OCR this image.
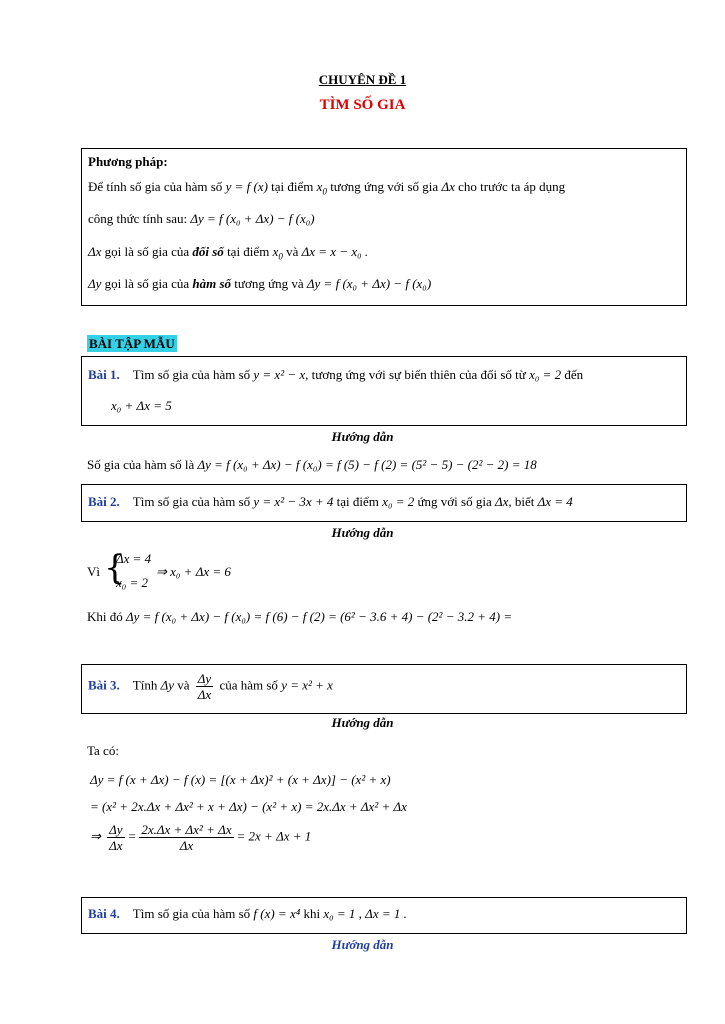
CHUYÊN ĐỀ 1
TÌM SỐ GIA
Phương pháp:
Để tính số gia của hàm số y = f (x) tại điểm $x_0$ tương ứng với số gia Δx cho trước ta áp dụng
công thức tính sau: Δy = f (x₀ + Δx) − f (x₀)
Δx gọi là số gia của đối số tại điểm $x_0$ và Δx = x − x₀ .
Δy gọi là số gia của hàm số tương ứng và Δy = f (x₀ + Δx) − f (x₀)
BÀI TẬP MẪU
Bài 1. Tìm số gia của hàm số y = x² − x, tương ứng với sự biến thiên của đối số từ x₀ = 2 đến
x₀ + Δx = 5
Hướng dẫn
Số gia của hàm số là Δy = f (x₀ + Δx) − f (x₀) = f (5) − f (2) = (5² − 5) − (2² − 2) = 18
Bài 2. Tìm số gia của hàm số y = x² − 3x + 4 tại điểm x₀ = 2 ứng với số gia Δx, biết Δx = 4
Hướng dẫn
Vì {
Δx = 4
x₀ = 2
⇒ x₀ + Δx = 6
Khi đó Δy = f (x₀ + Δx) − f (x₀) = f (6) − f (2) = (6² − 3.6 + 4) − (2² − 3.2 + 4) =
Bài 3. Tính Δy và $\frac{\Delta y}{\Delta x}$ của hàm số y = x² + x
Hướng dẫn
Ta có:
Δy = f (x + Δx) − f (x) = [(x + Δx)² + (x + Δx)] − (x² + x)
= (x² + 2x.Δx + Δx² + x + Δx) − (x² + x) = 2x.Δx + Δx² + Δx
⇒ $\frac{\Delta y}{\Delta x} = \frac{\text{2x.Δx + Δx² + Δx}}{\Delta x} = 2x + \Delta x + 1$
Bài 4. Tìm số gia của hàm số f (x) = x⁴ khi x₀ = 1 , Δx = 1 .
Hướng dẫn
